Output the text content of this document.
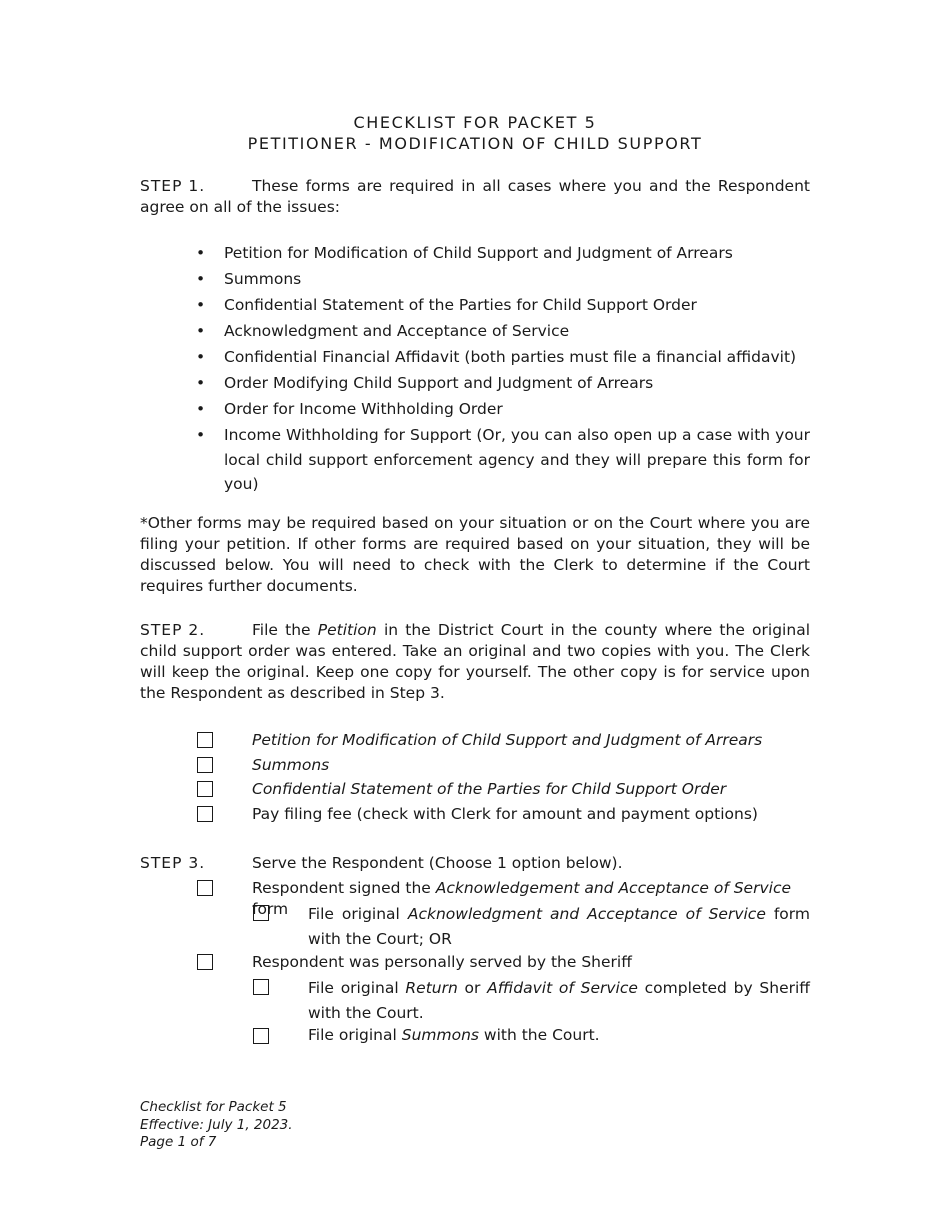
CHECKLIST FOR PACKET 5
PETITIONER - MODIFICATION OF CHILD SUPPORT
STEP 1.	These forms are required in all cases where you and the Respondent agree on all of the issues:
• Petition for Modification of Child Support and Judgment of Arrears
• Summons
• Confidential Statement of the Parties for Child Support Order
• Acknowledgment and Acceptance of Service
• Confidential Financial Affidavit (both parties must file a financial affidavit)
• Order Modifying Child Support and Judgment of Arrears
• Order for Income Withholding Order
• Income Withholding for Support (Or, you can also open up a case with your local child support enforcement agency and they will prepare this form for you)
*Other forms may be required based on your situation or on the Court where you are filing your petition. If other forms are required based on your situation, they will be discussed below. You will need to check with the Clerk to determine if the Court requires further documents.
STEP 2.	File the Petition in the District Court in the county where the original child support order was entered. Take an original and two copies with you. The Clerk will keep the original. Keep one copy for yourself. The other copy is for service upon the Respondent as described in Step 3.
Petition for Modification of Child Support and Judgment of Arrears
Summons
Confidential Statement of the Parties for Child Support Order
Pay filing fee (check with Clerk for amount and payment options)
STEP 3.	Serve the Respondent (Choose 1 option below).
Respondent signed the Acknowledgement and Acceptance of Service form	File original Acknowledgment and Acceptance of Service form with the Court; OR
Respondent was personally served by the Sheriff
File original Return or Affidavit of Service completed by Sheriff with the Court.
File original Summons with the Court.
Checklist for Packet 5
Effective: July 1, 2023.
Page 1 of 7
